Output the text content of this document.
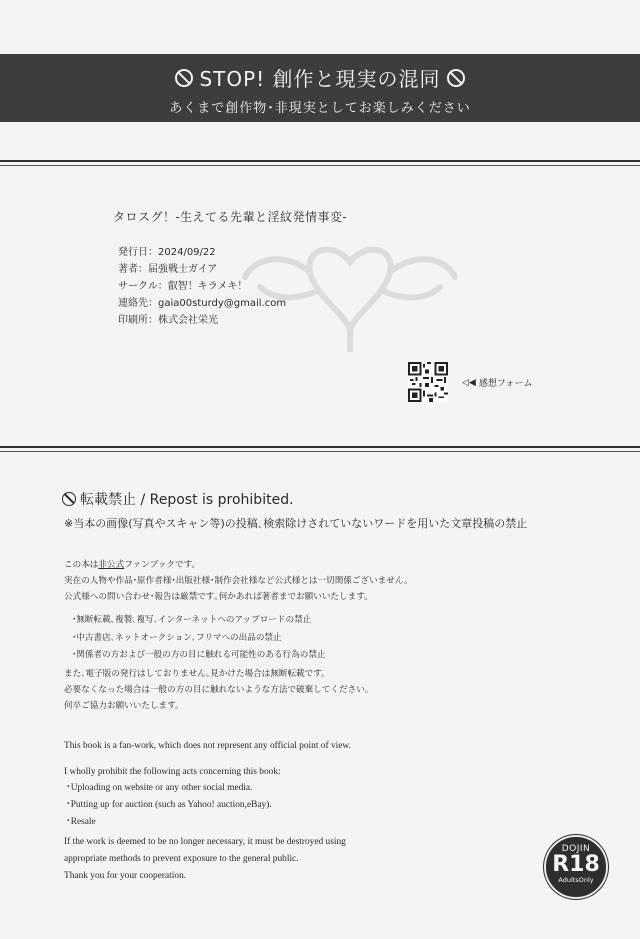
STOP! 創作と現実の混同
あくまで創作物･非現実としてお楽しみください
タロスグ！-生えてる先輩と淫紋発情事変-
発行日：2024/09/22
著者：届強戦士ガイア
サークル：叡智！キラメキ！
連絡先：gaia00sturdy@gmail.com
印刷所：株式会社栄光
◁◀ 感想フォーム
転載禁止 / Repost is prohibited.
※当本の画像(写真やスキャン等)の投稿､検索除けされていないワードを用いた文章投稿の禁止
この本は非公式ファンブックです。
実在の人物や作品･原作者様･出版社様･制作会社様など公式様とは一切関係ございません。
公式様への問い合わせ･報告は厳禁です｡何かあれば著者までお願いいたします。
･無断転載､複製､複写､インターネットへのアップロードの禁止
･中古書店､ネットオークション､フリマへの出品の禁止
･関係者の方および一般の方の目に触れる可能性のある行為の禁止
また､電子版の発行はしておりません｡見かけた場合は無断転載です。
必要なくなった場合は一般の方の目に触れないような方法で破棄してください。
何卒ご協力お願いいたします。
This book is a fan-work, which does not represent any official point of view.
I wholly prohibit the following acts concerning this book:
･Uploading on website or any other social media.
･Putting up for auction (such as Yahoo! auction,eBay).
･Resale
If the work is deemed to be no longer necessary, it must be destroyed using
appropriate methods to prevent exposure to the general public.
Thank you for your cooperation.
DOJIN
R18
AdultsOnly
